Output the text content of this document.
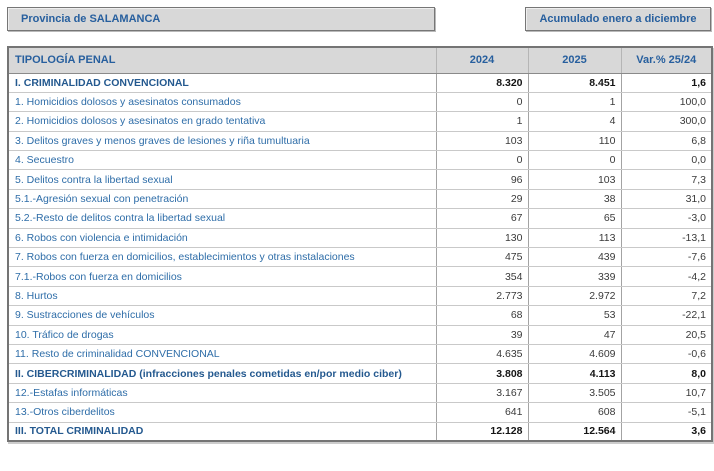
Provincia de SALAMANCA	Acumulado enero a diciembre
TIPOLOGÍA PENAL	2024	2025	Var.% 25/24
I. CRIMINALIDAD CONVENCIONAL	8.320	8.451	1,6
1. Homicidios dolosos y asesinatos consumados	0	1	100,0
2. Homicidios dolosos y asesinatos en grado tentativa	1	4	300,0
3. Delitos graves y menos graves de lesiones y riña tumultuaria	103	110	6,8
4. Secuestro	0	0	0,0
5. Delitos contra la libertad sexual	96	103	7,3
5.1.-Agresión sexual con penetración	29	38	31,0
5.2.-Resto de delitos contra la libertad sexual	67	65	-3,0
6. Robos con violencia e intimidación	130	113	-13,1
7. Robos con fuerza en domicilios, establecimientos y otras instalaciones	475	439	-7,6
7.1.-Robos con fuerza en domicilios	354	339	-4,2
8. Hurtos	2.773	2.972	7,2
9. Sustracciones de vehículos	68	53	-22,1
10. Tráfico de drogas	39	47	20,5
11. Resto de criminalidad CONVENCIONAL	4.635	4.609	-0,6
II. CIBERCRIMINALIDAD (infracciones penales cometidas en/por medio ciber)	3.808	4.113	8,0
12.-Estafas informáticas	3.167	3.505	10,7
13.-Otros ciberdelitos	641	608	-5,1
III. TOTAL CRIMINALIDAD	12.128	12.564	3,6
